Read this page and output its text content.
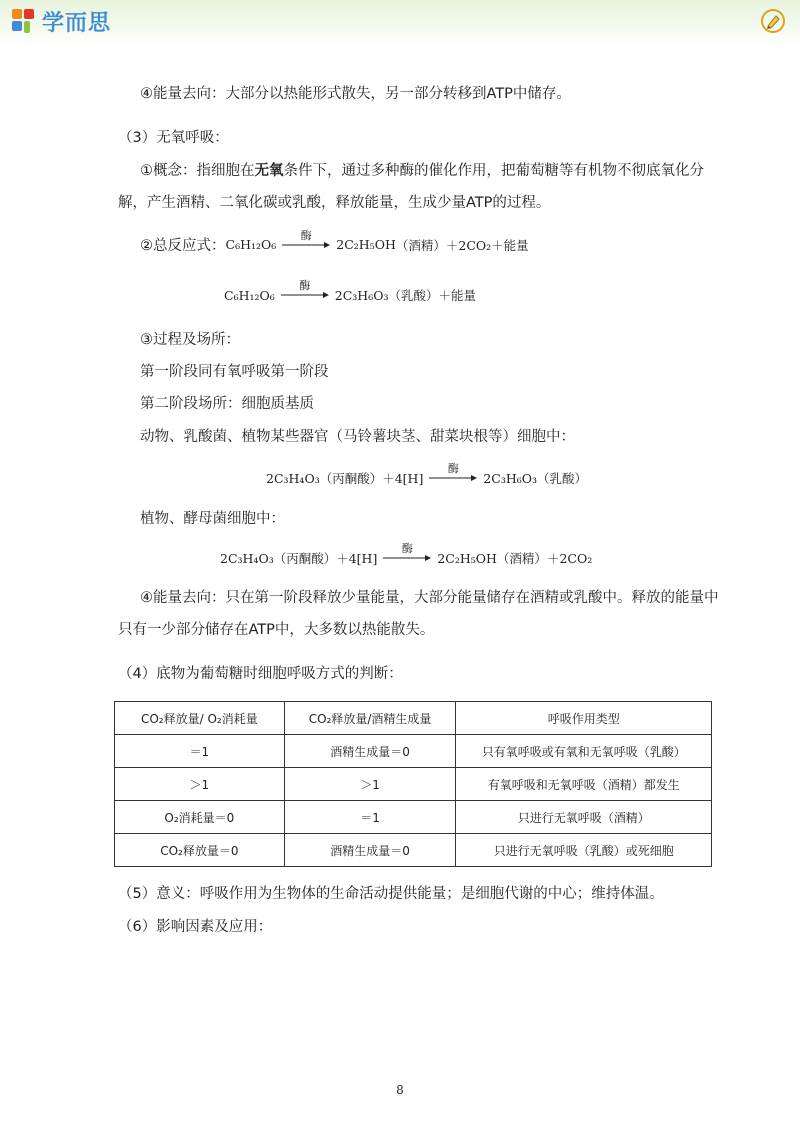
学而思
④能量去向：大部分以热能形式散失，另一部分转移到ATP中储存。
（3）无氧呼吸：
①概念：指细胞在无氧条件下，通过多种酶的催化作用，把葡萄糖等有机物不彻底氧化分
解，产生酒精、二氧化碳或乳酸，释放能量，生成少量ATP的过程。
②总反应式： C₆H₁₂O₆
酶
2C₂H₅OH （酒精） ＋2CO₂＋ 能量
C₆H₁₂O₆
酶
2C₃H₆O₃ （乳酸） ＋ 能量
③过程及场所：
第一阶段同有氧呼吸第一阶段
第二阶段场所：细胞质基质
动物、乳酸菌、植物某些器官（马铃薯块茎、甜菜块根等）细胞中：
2C₃H₄O₃ （丙酮酸） ＋4[H]
酶
2C₃H₆O₃ （乳酸）
植物、酵母菌细胞中：
2C₃H₄O₃ （丙酮酸） ＋4[H]
酶
2C₂H₅OH （酒精） ＋2CO₂
④能量去向：只在第一阶段释放少量能量，大部分能量储存在酒精或乳酸中。释放的能量中
只有一少部分储存在ATP中，大多数以热能散失。
（4）底物为葡萄糖时细胞呼吸方式的判断：
CO₂释放量/ O₂消耗量	CO₂释放量/酒精生成量	呼吸作用类型
＝1	酒精生成量＝0	只有氧呼吸或有氧和无氧呼吸（乳酸）
＞1	＞1	有氧呼吸和无氧呼吸（酒精）都发生
O₂消耗量＝0	＝1	只进行无氧呼吸（酒精）
CO₂释放量＝0	酒精生成量＝0	只进行无氧呼吸（乳酸）或死细胞
（5）意义：呼吸作用为生物体的生命活动提供能量；是细胞代谢的中心；维持体温。
（6）影响因素及应用：
8
